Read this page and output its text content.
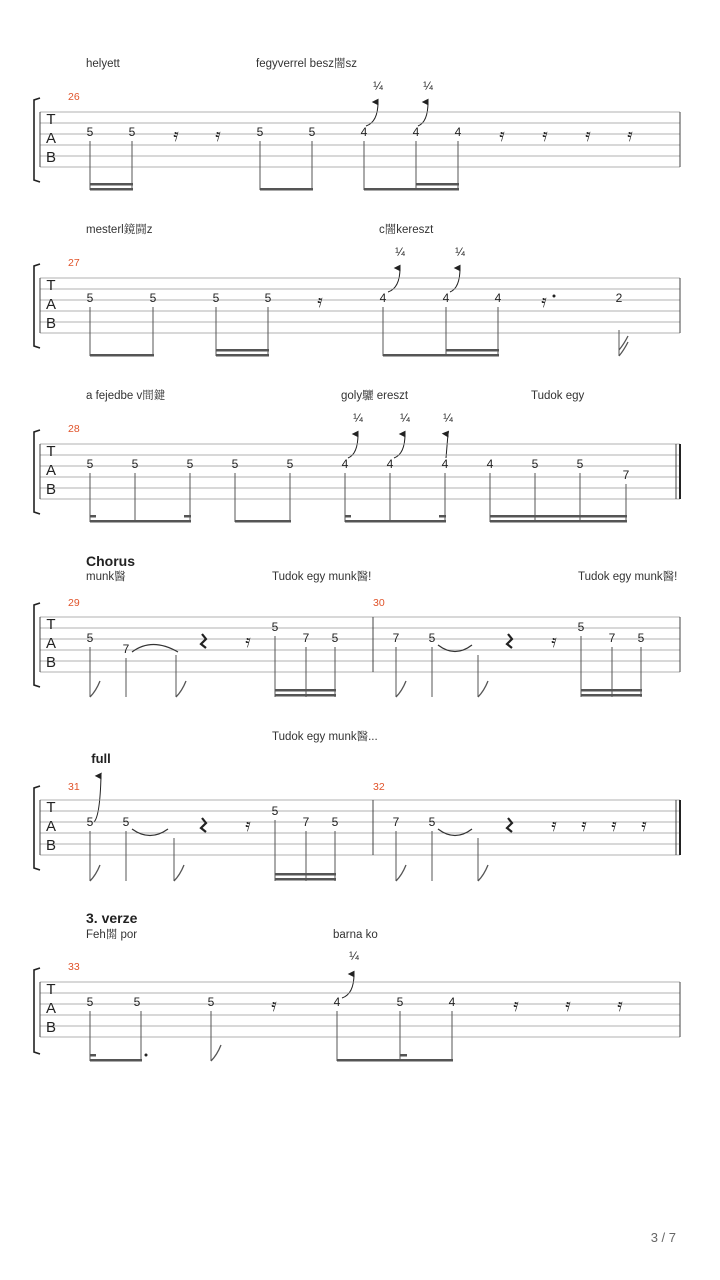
helyett	fegyverrel besz闇sz
¼	¼
26
T
A
B
5	5	5	5	4	4	4
𝄿 𝄿	𝄿 𝄿 𝄿 𝄿
mesterl鏡闘z	c闇kereszt
¼	¼
27
T
A
B
5	5	5	5	4	4	4	2
𝄿	𝄿
a fejedbe v間鍵	goly驪 ereszt	Tudok egy
¼	¼	¼
28
T
A
B
5	5	5	5	5	4	4	4	4	5	5
7
Chorus
munk醫	Tudok egy munk醫!	Tudok egy munk醫!
29	30
T
A
B
5
7
5
7 5	7 5
5
7 5
𝄿	𝄿
Tudok egy munk醫...
full
31	32
T
A
B
5 5
5
7 5	7 5
𝄿	𝄿 𝄿 𝄿 𝄿
3. verze
Feh閞 por	barna ko
¼
33
T
A
B
5	5	5	4	5	4
𝄿	𝄿	𝄿	𝄿
3 / 7
